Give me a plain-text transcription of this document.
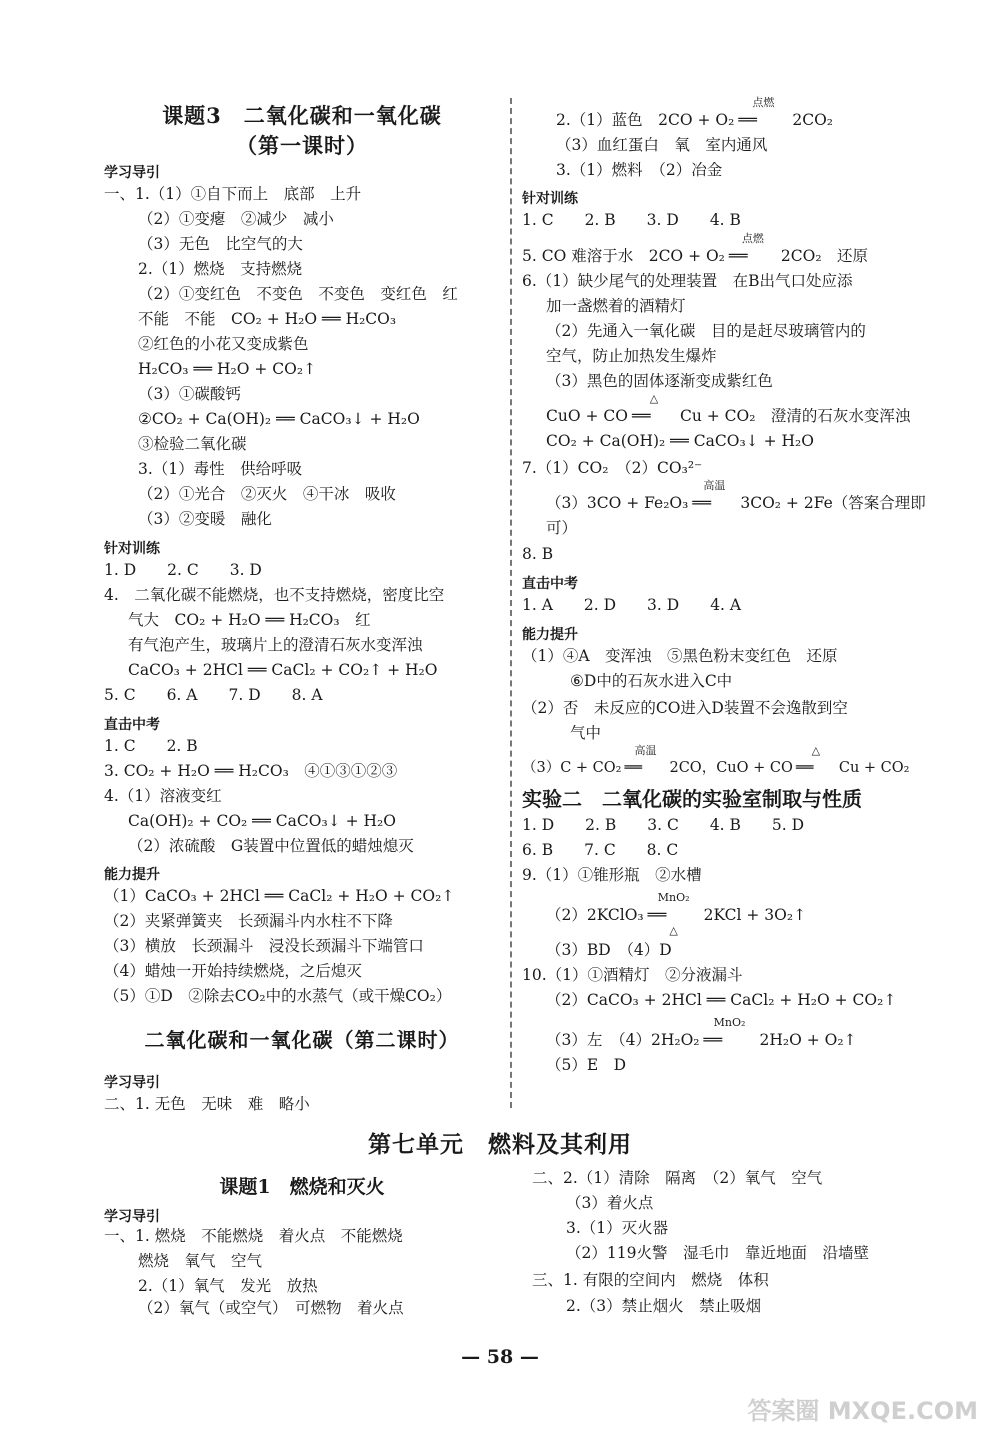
课题3　二氧化碳和一氧化碳
（第一课时）
学习导引
一、1.（1）①自下而上　底部　上升
（2）①变瘪　②减少　减小
（3）无色　比空气的大
2.（1）燃烧　支持燃烧
（2）①变红色　不变色　不变色　变红色　红
不能　不能　CO₂ + H₂O ══ H₂CO₃
②红色的小花又变成紫色
H₂CO₃ ══ H₂O + CO₂↑
（3）①碳酸钙
②CO₂ + Ca(OH)₂ ══ CaCO₃↓ + H₂O
③检验二氧化碳
3.（1）毒性　供给呼吸
（2）①光合　②灭火　④干冰　吸收
（3）②变暖　融化
针对训练
1. D　　2. C　　3. D
4.　二氧化碳不能燃烧，也不支持燃烧，密度比空
气大　CO₂ + H₂O ══ H₂CO₃　红
有气泡产生，玻璃片上的澄清石灰水变浑浊
CaCO₃ + 2HCl ══ CaCl₂ + CO₂↑ + H₂O
5. C　　6. A　　7. D　　8. A
直击中考
1. C　　2. B
3. CO₂ + H₂O ══ H₂CO₃　④①③①②③
4.（1）溶液变红
Ca(OH)₂ + CO₂ ══ CaCO₃↓ + H₂O
（2）浓硫酸　G装置中位置低的蜡烛熄灭
能力提升
（1）CaCO₃ + 2HCl ══ CaCl₂ + H₂O + CO₂↑
（2）夹紧弹簧夹　长颈漏斗内水柱不下降
（3）横放　长颈漏斗　浸没长颈漏斗下端管口
（4）蜡烛一开始持续燃烧，之后熄灭
（5）①D　②除去CO₂中的水蒸气（或干燥CO₂）
二氧化碳和一氧化碳（第二课时）
学习导引
二、1. 无色　无味　难　略小
2.（1）蓝色　2CO + O₂
点燃
══ 2CO₂
（3）血红蛋白　氧　室内通风
3.（1）燃料　（2）冶金
针对训练
1. C　　2. B　　3. D　　4. B
5. CO 难溶于水　2CO + O₂
点燃
══ 2CO₂　还原
6.（1）缺少尾气的处理装置　在B出气口处应添
加一盏燃着的酒精灯
（2）先通入一氧化碳　目的是赶尽玻璃管内的
空气，防止加热发生爆炸
（3）黑色的固体逐渐变成紫红色
CuO + CO
△
══ Cu + CO₂　澄清的石灰水变浑浊
CO₂ + Ca(OH)₂ ══ CaCO₃↓ + H₂O
7.（1）CO₂　（2）CO₃²⁻
（3）3CO + Fe₂O₃
高温
══ 3CO₂ + 2Fe（答案合理即
可）
8. B
直击中考
1. A　　2. D　　3. D　　4. A
能力提升
（1）④A　变浑浊　⑤黑色粉末变红色　还原
⑥D中的石灰水进入C中
（2）否　未反应的CO进入D装置不会逸散到空
气中
（3）C + CO₂
高温
══ 2CO，CuO + CO
△
══ Cu + CO₂
实验二　二氧化碳的实验室制取与性质
1. D　　2. B　　3. C　　4. B　　5. D
6. B　　7. C　　8. C
9.（1）①锥形瓶　②水槽
（2）2KClO₃
MnO₂
══
△
2KCl + 3O₂↑
（3）BD　（4）D
10.（1）①酒精灯　②分液漏斗
（2）CaCO₃ + 2HCl ══ CaCl₂ + H₂O + CO₂↑
（3）左　（4）2H₂O₂
MnO₂
══ 2H₂O + O₂↑
（5）E　D
第七单元　燃料及其利用
课题1　燃烧和灭火
学习导引
一、1. 燃烧　不能燃烧　着火点　不能燃烧
燃烧　氧气　空气
2.（1）氧气　发光　放热
（2）氧气（或空气）　可燃物　着火点
二、2.（1）清除　隔离　（2）氧气　空气
（3）着火点
3.（1）灭火器
（2）119火警　湿毛巾　靠近地面　沿墙壁
三、1. 有限的空间内　燃烧　体积
2.（3）禁止烟火　禁止吸烟
— 58 —
答案圈 MXQE.COM
